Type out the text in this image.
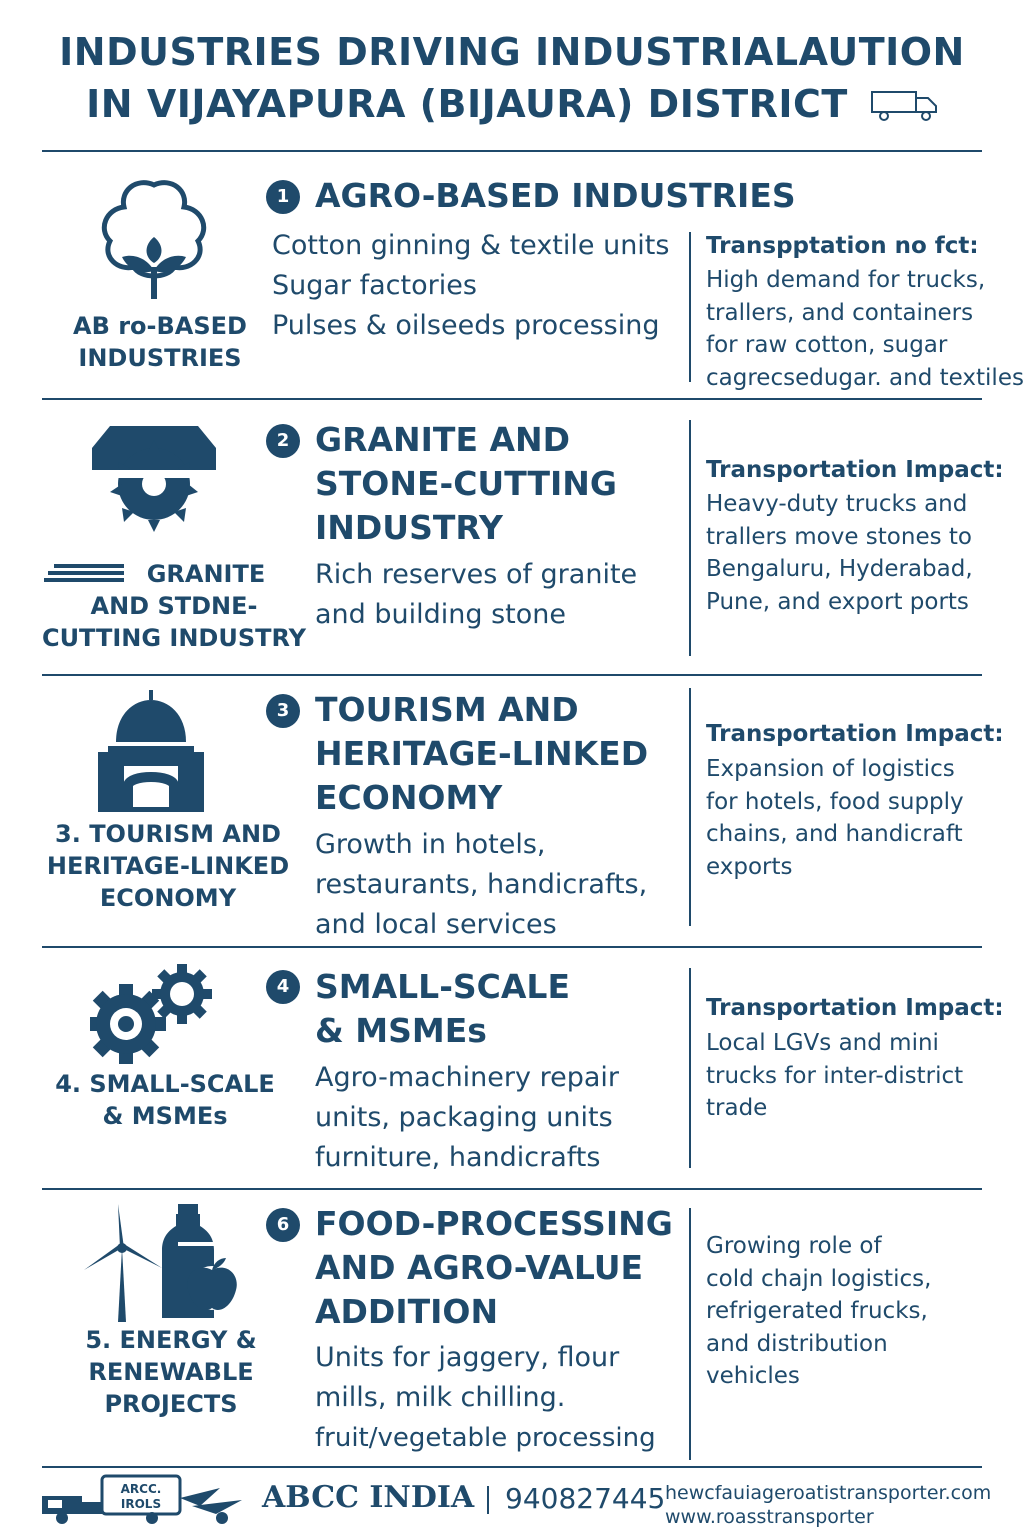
INDUSTRIES DRIVING INDUSTRIALAUTION
IN VIJAYAPURA (BIJAURA) DISTRICT
AB ro-BASED
INDUSTRIES
1 AGRO-BASED INDUSTRIES
Cotton ginning & textile units
Sugar factories
Pulses & oilseeds processing
Transpptation no fct:
High demand for trucks,
trallers, and containers
for raw cotton, sugar
cagrecsedugar. and textiles
GRANITE
AND STDNE-
CUTTING INDUSTRY
2 GRANITE AND
STONE-CUTTING
INDUSTRY
Rich reserves of granite
and building stone
Transportation Impact:
Heavy-duty trucks and
trallers move stones to
Bengaluru, Hyderabad,
Pune, and export ports
3. TOURISM AND
HERITAGE-LINKED
ECONOMY
3 TOURISM AND
HERITAGE-LINKED
ECONOMY
Growth in hotels,
restaurants, handicrafts,
and local services
Transportation Impact:
Expansion of logistics
for hotels, food supply
chains, and handicraft
exports
4. SMALL-SCALE
& MSMEs
4 SMALL-SCALE
& MSMEs
Agro-machinery repair
units, packaging units
furniture, handicrafts
Transportation Impact:
Local LGVs and mini
trucks for inter-district
trade
5. ENERGY &
RENEWABLE
PROJECTS
6 FOOD-PROCESSING
AND AGRO-VALUE
ADDITION
Units for jaggery, flour
mills, milk chilling.
fruit/vegetable processing
Growing role of
cold chajn logistics,
refrigerated frucks,
and distribution
vehicles
ARCC.
IROLS	ABCC INDIA 940827445 hewcfauiageroatistransporter.com
www.roasstransporter
